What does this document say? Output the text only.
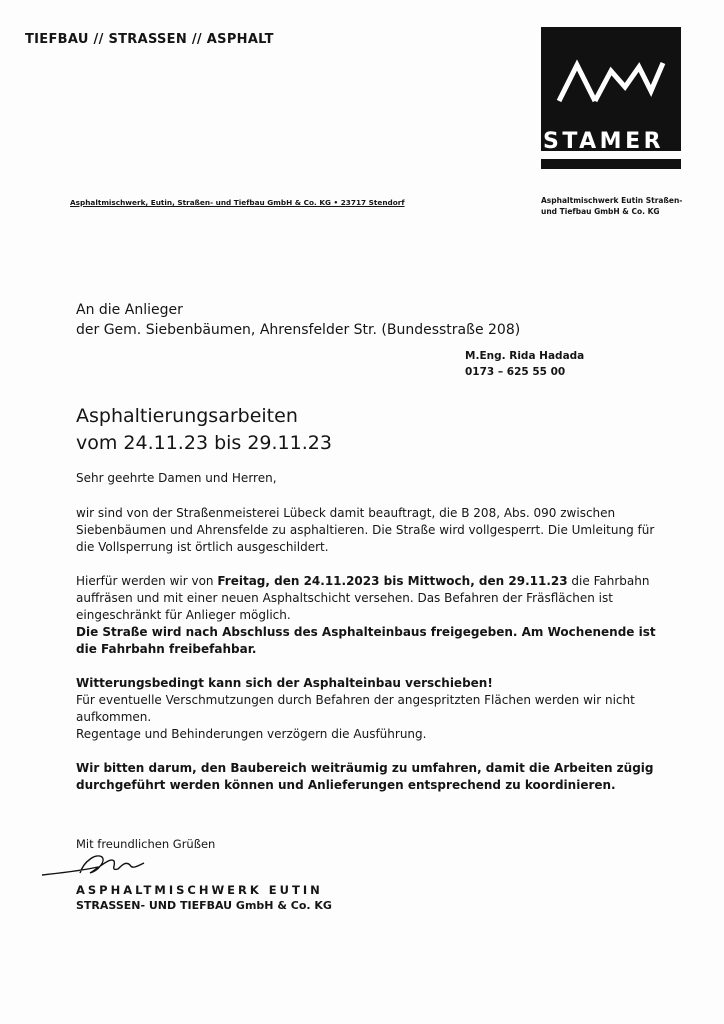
TIEFBAU // STRASSEN // ASPHALT
STAMER
Asphaltmischwerk Eutin Straßen-
und Tiefbau GmbH & Co. KG
Asphaltmischwerk, Eutin, Straßen- und Tiefbau GmbH & Co. KG • 23717 Stendorf
An die Anlieger
der Gem. Siebenbäumen, Ahrensfelder Str. (Bundesstraße 208)
M.Eng. Rida Hadada
0173 – 625 55 00
Asphaltierungsarbeiten
vom 24.11.23 bis 29.11.23

Sehr geehrte Damen und Herren,

wir sind von der Straßenmeisterei Lübeck damit beauftragt, die B 208, Abs. 090 zwischen Siebenbäumen und Ahrensfelde zu asphaltieren. Die Straße wird vollgesperrt. Die Umleitung für die Vollsperrung ist örtlich ausgeschildert.

Hierfür werden wir von Freitag, den 24.11.2023 bis Mittwoch, den 29.11.23 die Fahrbahn auffräsen und mit einer neuen Asphaltschicht versehen. Das Befahren der Fräsflächen ist eingeschränkt für Anlieger möglich.

Die Straße wird nach Abschluss des Asphalteinbaus freigegeben. Am Wochenende ist die Fahrbahn freibefahbar.

Witterungsbedingt kann sich der Asphalteinbau verschieben!

Für eventuelle Verschmutzungen durch Befahren der angespritzten Flächen werden wir nicht aufkommen.

Regentage und Behinderungen verzögern die Ausführung.

Wir bitten darum, den Baubereich weiträumig zu umfahren, damit die Arbeiten zügig durchgeführt werden können und Anlieferungen entsprechend zu koordinieren.

Mit freundlichen Grüßen
ASPHALTMISCHWERK EUTIN
STRASSEN- UND TIEFBAU GmbH & Co. KG
